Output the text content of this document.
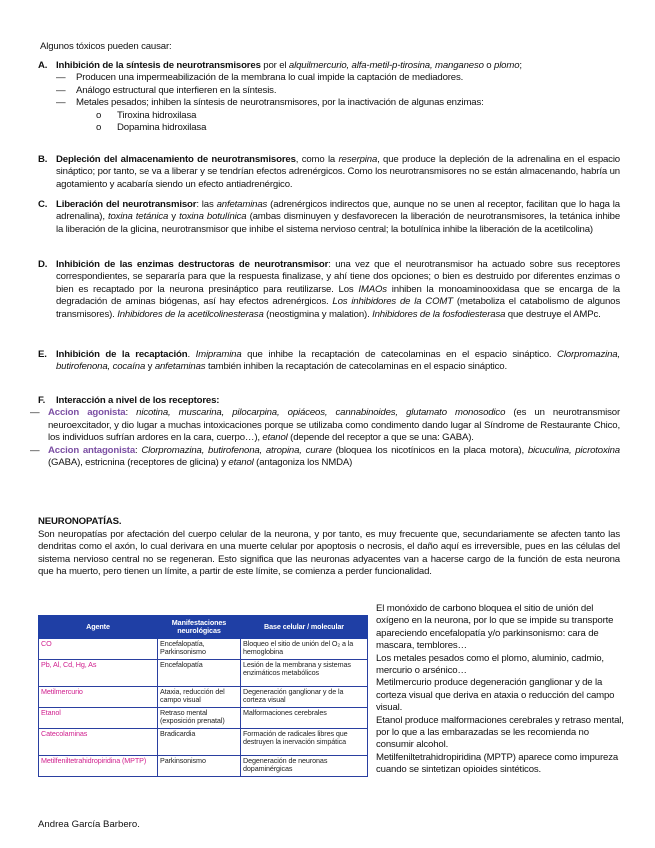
Algunos tóxicos pueden causar:
A. Inhibición de la síntesis de neurotransmisores por el alquilmercurio, alfa-metil-p-tirosina, manganeso o plomo;
—	Producen una impermeabilización de la membrana lo cual impide la captación de mediadores.
—	Análogo estructural que interfieren en la síntesis.
—	Metales pesados; inhiben la síntesis de neurotransmisores, por la inactivación de algunas enzimas:
o	Tiroxina hidroxilasa
o	Dopamina hidroxilasa
B. Depleción del almacenamiento de neurotransmisores, como la reserpina, que produce la depleción de la adrenalina en el espacio sináptico; por tanto, se va a liberar y se tendrían efectos adrenérgicos. Como los neurotransmisores no se están almacenando, habría un agotamiento y acabaría siendo un efecto antiadrenérgico.
C. Liberación del neurotransmisor: las anfetaminas (adrenérgicos indirectos que, aunque no se unen al receptor, facilitan que lo haga la adrenalina), toxina tetánica y toxina botulínica (ambas disminuyen y desfavorecen la liberación de neurotransmisores, la tetánica inhibe la liberación de la glicina, neurotransmisor que inhibe el sistema nervioso central; la botulínica inhibe la liberación de la acetilcolina)
D. Inhibición de las enzimas destructoras de neurotransmisor: una vez que el neurotransmisor ha actuado sobre sus receptores correspondientes, se separaría para que la respuesta finalizase, y ahí tiene dos opciones; o bien es destruido por diferentes enzimas o bien es recaptado por la neurona presináptico para reutilizarse. Los IMAOs inhiben la monoaminooxidasa que se encarga de la degradación de aminas biógenas, así hay efectos adrenérgicos. Los inhibidores de la COMT (metaboliza el catabolismo de algunos transmisores). Inhibidores de la acetilcolinesterasa (neostigmina y malation). Inhibidores de la fosfodiesterasa que destruye el AMPc.
E. Inhibición de la recaptación. Imipramina que inhibe la recaptación de catecolaminas en el espacio sináptico. Clorpromazina, butirofenona, cocaína y anfetaminas también inhiben la recaptación de catecolaminas en el espacio sináptico.
F.	Interacción a nivel de los receptores:
— Accion agonista: nicotina, muscarina, pilocarpina, opiáceos, cannabinoides, glutamato monosodico (es un neurotransmisor neuroexcitador, y dio lugar a muchas intoxicaciones porque se utilizaba como condimento dando lugar al Síndrome de Restaurante Chico, los individuos sufrían ardores en la cara, cuerpo…), etanol (depende del receptor a que se una: GABA).
— Accion antagonista: Clorpromazina, butirofenona, atropina, curare (bloquea los nicotínicos en la placa motora), bicuculina, picrotoxina (GABA), estricnina (receptores de glicina) y etanol (antagoniza los NMDA)
NEURONOPATÍAS.
Son neuropatías por afectación del cuerpo celular de la neurona, y por tanto, es muy frecuente que, secundariamente se afecten tanto las dendritas como el axón, lo cual derivara en una muerte celular por apoptosis o necrosis, el daño aquí es irreversible, pues en las células del sistema nervioso central no se regeneran. Esto significa que las neuronas adyacentes van a hacerse cargo de la función de esta neurona que ha muerto, pero tienen un límite, a partir de este límite, se comienza a perder funcionalidad.
Agente	Manifestaciones neurológicas	Base celular / molecular
CO	Encefalopatía, Parkinsonismo	Bloqueo el sitio de unión del O₂ a la hemoglobina
Pb, Al, Cd, Hg, As	Encefalopatía	Lesión de la membrana y sistemas enzimáticos metabólicos
Metilmercurio	Ataxia, reducción del campo visual	Degeneración ganglionar y de la corteza visual
Etanol	Retraso mental (exposición prenatal)	Malformaciones cerebrales
Catecolaminas	Bradicardia	Formación de radicales libres que destruyen la inervación simpática
Metilfeniltetrahidropiridina (MPTP)	Parkinsonismo	Degeneración de neuronas dopaminérgicas

El monóxido de carbono bloquea el sitio de unión del oxígeno en la neurona, por lo que se impide su transporte apareciendo encefalopatía y/o parkinsonismo: cara de mascara, temblores…

Los metales pesados como el plomo, aluminio, cadmio, mercurio o arsénico…

Metilmercurio produce degeneración ganglionar y de la corteza visual que deriva en ataxia o reducción del campo visual.

Etanol produce malformaciones cerebrales y retraso mental, por lo que a las embarazadas se les recomienda no consumir alcohol.

Metilfeniltetrahidropiridina (MPTP) aparece como impureza cuando se sintetizan opioides sintéticos.

Andrea García Barbero.
